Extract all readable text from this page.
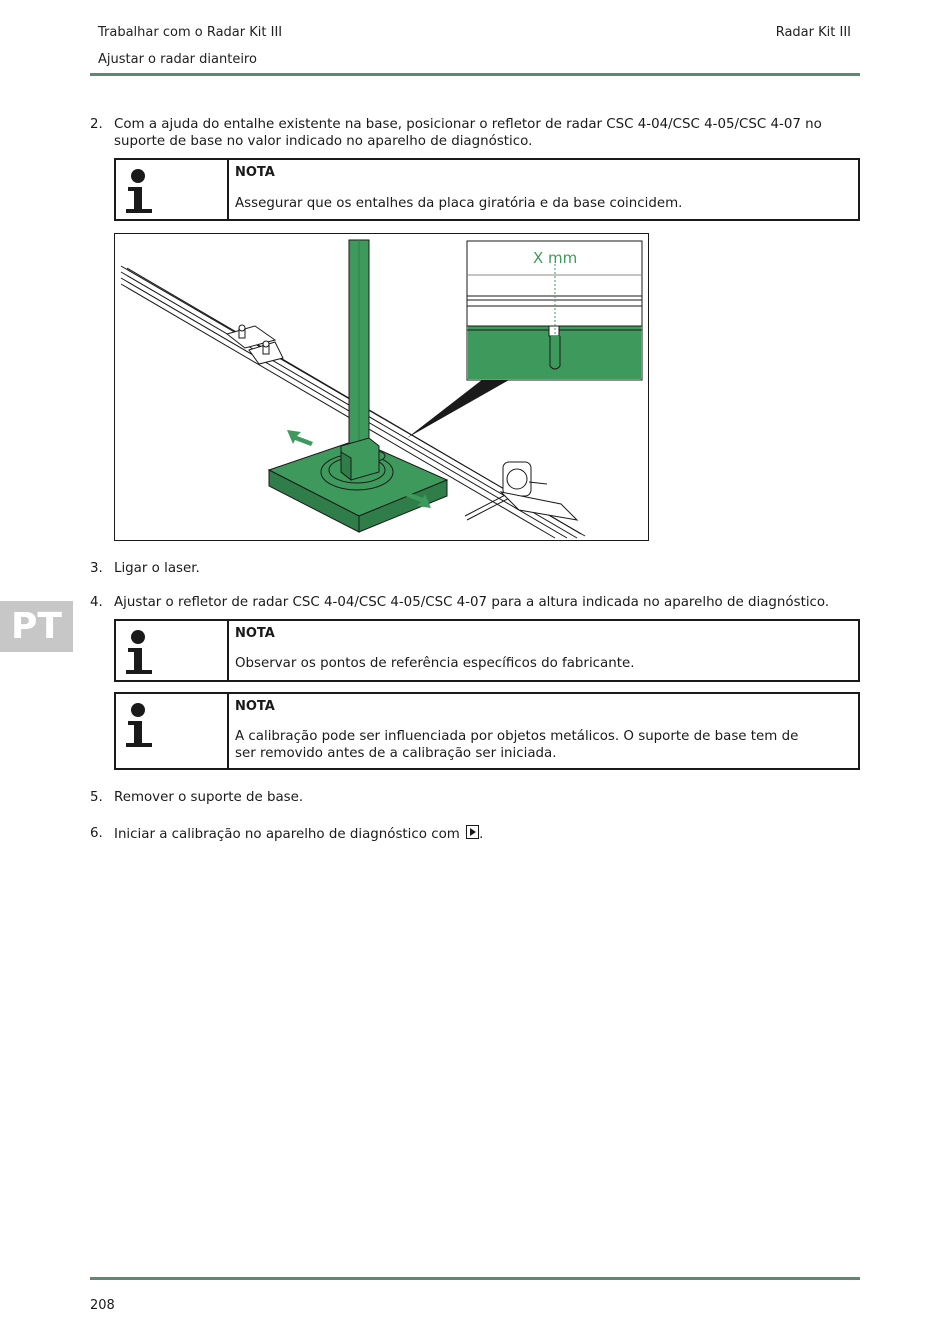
Trabalhar com o Radar Kit III	Radar Kit III
Ajustar o radar dianteiro
2. Com a ajuda do entalhe existente na base, posicionar o refletor de radar CSC 4-04/CSC 4-05/CSC 4-07 no suporte de base no valor indicado no aparelho de diagnóstico.
NOTA
Assegurar que os entalhes da placa giratória e da base coincidem.
X mm
3. Ligar o laser.
PT
4. Ajustar o refletor de radar CSC 4-04/CSC 4-05/CSC 4-07 para a altura indicada no aparelho de diagnóstico.
NOTA
Observar os pontos de referência específicos do fabricante.
NOTA
A calibração pode ser influenciada por objetos metálicos. O suporte de base tem de ser removido antes de a calibração ser iniciada.
5. Remover o suporte de base.
6. Iniciar a calibração no aparelho de diagnóstico com .
208
